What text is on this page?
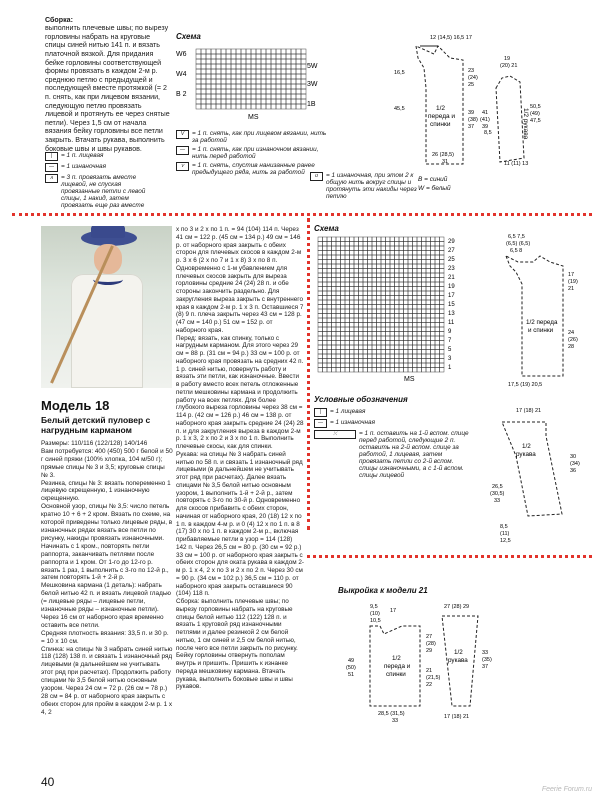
Сборка:
выполнить плечевые швы; по вырезу горловины набрать на круговые спицы синей нитью 141 п. и вязать платочной вязкой. Для придания бейке горловины соответствующей формы провязать в каждом 2-м р. среднюю петлю с предыдущей и последующей вместе протяжкой (= 2 п. снять, как при лицевом вязании, следующую петлю провязать лицевой и протянуть ее через снятые петли). Через 1,5 см от начала вязания бейку горловины все петли закрыть. Втачать рукава, выполнить боковые швы и швы рукавов.

|	= 1 п. лицевая
—	= 1 изнаночная
∧	= 3 п. провязать вместе лицевой, не спуская провязанные петли с левой спицы, 1 накид, затем провязать еще раз вместе
Схема
W6
W4
B 2
5W
3W
1B
MS
V	= 1 п. снять, как при лицевом вязании, нить за работой
—	= 1 п. снять, как при изнаночном вязании, нить перед работой
⋎	= 1 п. снять, спустив нанизанные ранее предыдущего ряда, нить за работой	ʊ	= 1 изнаночная, при этом 2 к общую нить вокруг спицы и протянуть эти накиды через петлю
B = синий
W = белый
1/2 переда и спинки	1/2 рукава
12 (14,5) 16,5 17
16,5
45,5
23 (24) 25
39 (38) 37
26 (28,5)
31
19
(20) 21
41 (41) 39
50,5 (49) 47,5
11 (11) 13
8,5
Модель 18
Белый детский пуловер с нагрудным карманом
Размеры: 110/116 (122/128) 140/146
Вам потребуется: 400 (450) 500 г белой и 50 г синей пряжи (100% хлопка, 104 м/50 г); прямые спицы № 3 и 3,5; круговые спицы № 3.
Резинка, спицы № 3: вязать попеременно 1 лицевую скрещенную, 1 изнаночную скрещенную.
Основной узор, спицы № 3,5: число петель кратно 10 + 6 + 2 кром. Вязать по схеме, на которой приведены только лицевые ряды, в изнаночных рядах вязать все петли по рисунку, накиды провязать изнаночными. Начинать с 1 кром., повторять петли раппорта, заканчивать петлями после раппорта и 1 кром. От 1-го до 12-го р. вязать 1 раз, 1 выполнить с 3-го по 12-й р., затем повторять 1-й + 2-й р.
Мешковина кармана (1 деталь): набрать белой нитью 42 п. и вязать лицевой гладью (= лицевые ряды – лицевые петли, изнаночные ряды – изнаночные петли). Через 16 см от наборного края временно оставить все петли.
Средняя плотность вязания: 33,5 п. и 30 р. = 10 х 10 см.
Спинка: на спицы № 3 набрать синей нитью 118 (128) 138 п. и связать 1 изнаночный ряд лицевыми (в дальнейшем не учитывать этот ряд при расчетах). Продолжить работу спицами № 3,5 белой нитью основным узором. Через 24 см = 72 р. (26 см = 78 р.) 28 см = 84 р. от наборного края закрыть с обеих сторон для пройм в каждом 2-м р. 1 х 4, 2
х по 3 и 2 х по 1 п. = 94 (104) 114 п. Через 41 см = 122 р. (45 см = 134 р.) 49 см = 146 р. от наборного края закрыть с обеих сторон для плечевых скосов в каждом 2-м р. 3 х 6 (2 х по 7 и 1 х 8) 3 х по 8 п. Одновременно с 1-м убавлением для плечевых скосов закрыть для выреза горловины средние 24 (24) 28 п. и обе стороны закончить раздельно. Для закругления выреза закрыть с внутреннего края в каждом 2-м р. 1 х 3 п. Оставшиеся 7 (8) 9 п. плеча закрыть через 43 см = 128 р. (47 см = 140 р.) 51 см = 152 р. от наборного края.
Перед: вязать, как спинку, только с нагрудным карманом. Для этого через 29 см = 88 р. (31 см = 94 р.) 33 см = 100 р. от наборного края провязать на средних 42 п. 1 р. синей нитью, повернуть работу и вязать эти петли, как изнаночные. Ввести в работу вместо всех петель отложенные петли мешковины кармана и продолжить работу на всех петлях. Для более глубокого выреза горловины через 38 см = 114 р. (42 см = 126 р.) 46 см = 138 р. от наборного края закрыть средние 24 (24) 28 п. и для закругления выреза в каждом 2-м р. 1 х 3, 2 х по 2 и 3 х по 1 п. Выполнить плечевые скосы, как для спинки.
Рукава: на спицы № 3 набрать синей нитью по 58 п. и связать 1 изнаночный ряд лицевыми (в дальнейшем не учитывать этот ряд при расчетах). Далее вязать спицами № 3,5 белой нитью основным узором, 1 выполнить 1-й + 2-й р., затем повторять с 3-го по 30-й р. Одновременно для скосов прибавить с обеих сторон, начиная от наборного края, 20 (18) 12 х по 1 п. в каждом 4-м р. и 0 (4) 12 х по 1 п. в 8 (17) 30 х по 1 п. в каждом 2-м р., включая прибавляемые петли в узор = 114 (128) 142 п. Через 26,5 см = 80 р. (30 см = 92 р.) 33 см = 100 р. от наборного края закрыть с обеих сторон для оката рукава в каждом 2-м р. 1 х 4, 2 х по 3 и 2 х по 2 п. Через 30 см = 90 р. (34 см = 102 р.) 36,5 см = 110 р. от наборного края закрыть оставшиеся 90 (104) 118 п.
Сборка: выполнить плечевые швы; по вырезу горловины набрать на круговые спицы белой нитью 112 (122) 128 п. и вязать 1 круговой ряд изнаночными петлями и далее резинкой 2 см белой нитью, 1 см синей и 2,5 см белой нитью, после чего все петли закрыть по рисунку. Бейку горловины отвернуть пополам внутрь и пришить. Пришить к изнанке переда мешковину кармана. Втачать рукава, выполнить боковые швы и швы рукавов.
Схема
29
27
25
23
21
19
17
15
13
11
9
7
5
3
1
MS
Условные обозначения
|	= 1 лицевая
—	= 1 изнаночная
⤫	= 1 п. оставить на 1-й вспом. спице перед работой, следующие 2 п. оставить на 2-й вспом. спице за работой, 1 лицевая, затем провязать петли со 2-й вспом. спицы изнаночными, а с 1-й вспом. спицы лицевой
6,5 7,5
(6,5) (6,5)
6,5 8
1/2 переда и спинки
17 (19) 21
24 (26) 28
17,5 (19) 20,5
17 (18) 21
1/2 рукава
26,5 (30,5) 33
30 (34) 36
8,5 (11) 12,5
Выкройка к модели 21
9,5 (10) 10,5
17
1/2 переда и спинки
49 (50) 51
27 (28) 29
21 (21,5) 22
28,5 (31,5)
33
27 (28) 29
1/2 рукава
33 (35) 37
17 (18) 21
40
Feerie Forum.ru
